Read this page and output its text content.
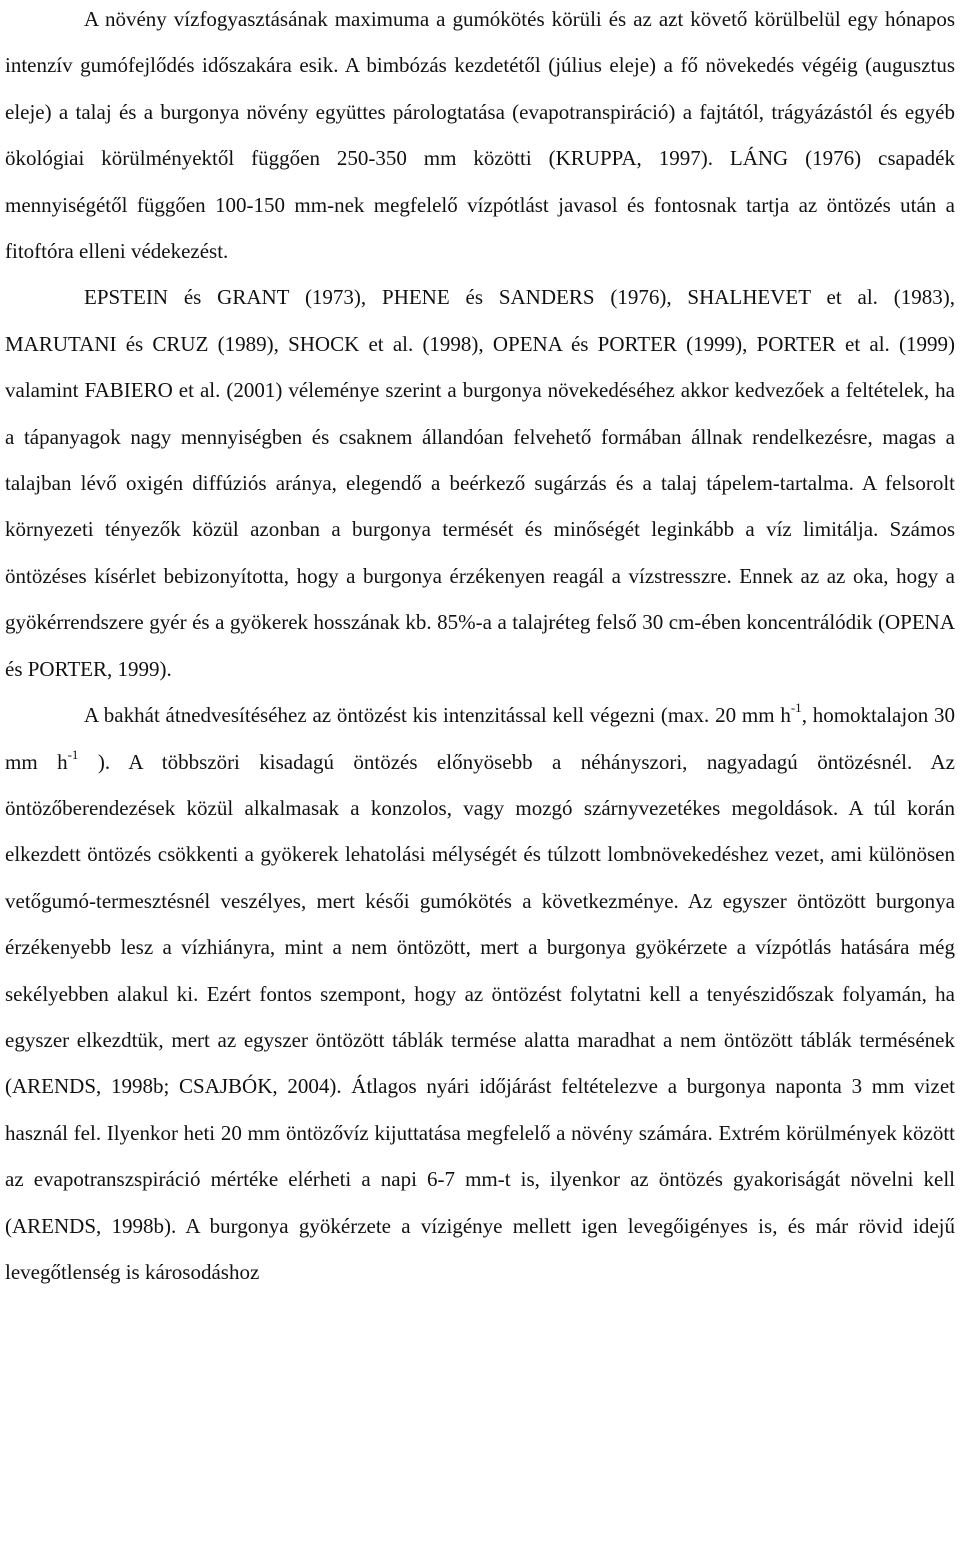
A növény vízfogyasztásának maximuma a gumókötés körüli és az azt követő körülbelül egy hónapos intenzív gumófejlődés időszakára esik. A bimbózás kezdetétől (július eleje) a fő növekedés végéig (augusztus eleje) a talaj és a burgonya növény együttes párologtatása (evapotranspiráció) a fajtától, trágyázástól és egyéb ökológiai körülményektől függően 250-350 mm közötti (KRUPPA, 1997). LÁNG (1976) csapadék mennyiségétől függően 100-150 mm-nek megfelelő vízpótlást javasol és fontosnak tartja az öntözés után a fitoftóra elleni védekezést.

EPSTEIN és GRANT (1973), PHENE és SANDERS (1976), SHALHEVET et al. (1983), MARUTANI és CRUZ (1989), SHOCK et al. (1998), OPENA és PORTER (1999), PORTER et al. (1999) valamint FABIERO et al. (2001) véleménye szerint a burgonya növekedéséhez akkor kedvezőek a feltételek, ha a tápanyagok nagy mennyiségben és csaknem állandóan felvehető formában állnak rendelkezésre, magas a talajban lévő oxigén diffúziós aránya, elegendő a beérkező sugárzás és a talaj tápelem-tartalma. A felsorolt környezeti tényezők közül azonban a burgonya termését és minőségét leginkább a víz limitálja. Számos öntözéses kísérlet bebizonyította, hogy a burgonya érzékenyen reagál a vízstresszre. Ennek az az oka, hogy a gyökérrendszere gyér és a gyökerek hosszának kb. 85%-a a talajréteg felső 30 cm-ében koncentrálódik (OPENA és PORTER, 1999).

A bakhát átnedvesítéséhez az öntözést kis intenzitással kell végezni (max. 20 mm $h^{-1}$, homoktalajon 30 mm $h^{-1}$ ). A többszöri kisadagú öntözés előnyösebb a néhányszori, nagyadagú öntözésnél. Az öntözőberendezések közül alkalmasak a konzolos, vagy mozgó szárnyvezetékes megoldások. A túl korán elkezdett öntözés csökkenti a gyökerek lehatolási mélységét és túlzott lombnövekedéshez vezet, ami különösen vetőgumó-termesztésnél veszélyes, mert késői gumókötés a következménye. Az egyszer öntözött burgonya érzékenyebb lesz a vízhiányra, mint a nem öntözött, mert a burgonya gyökérzete a vízpótlás hatására még sekélyebben alakul ki. Ezért fontos szempont, hogy az öntözést folytatni kell a tenyészidőszak folyamán, ha egyszer elkezdtük, mert az egyszer öntözött táblák termése alatta maradhat a nem öntözött táblák termésének (ARENDS, 1998b; CSAJBÓK, 2004). Átlagos nyári időjárást feltételezve a burgonya naponta 3 mm vizet használ fel. Ilyenkor heti 20 mm öntözővíz kijuttatása megfelelő a növény számára. Extrém körülmények között az evapotranszspiráció mértéke elérheti a napi 6-7 mm-t is, ilyenkor az öntözés gyakoriságát növelni kell (ARENDS, 1998b). A burgonya gyökérzete a vízigénye mellett igen levegőigényes is, és már rövid idejű levegőtlenség is károsodáshoz
